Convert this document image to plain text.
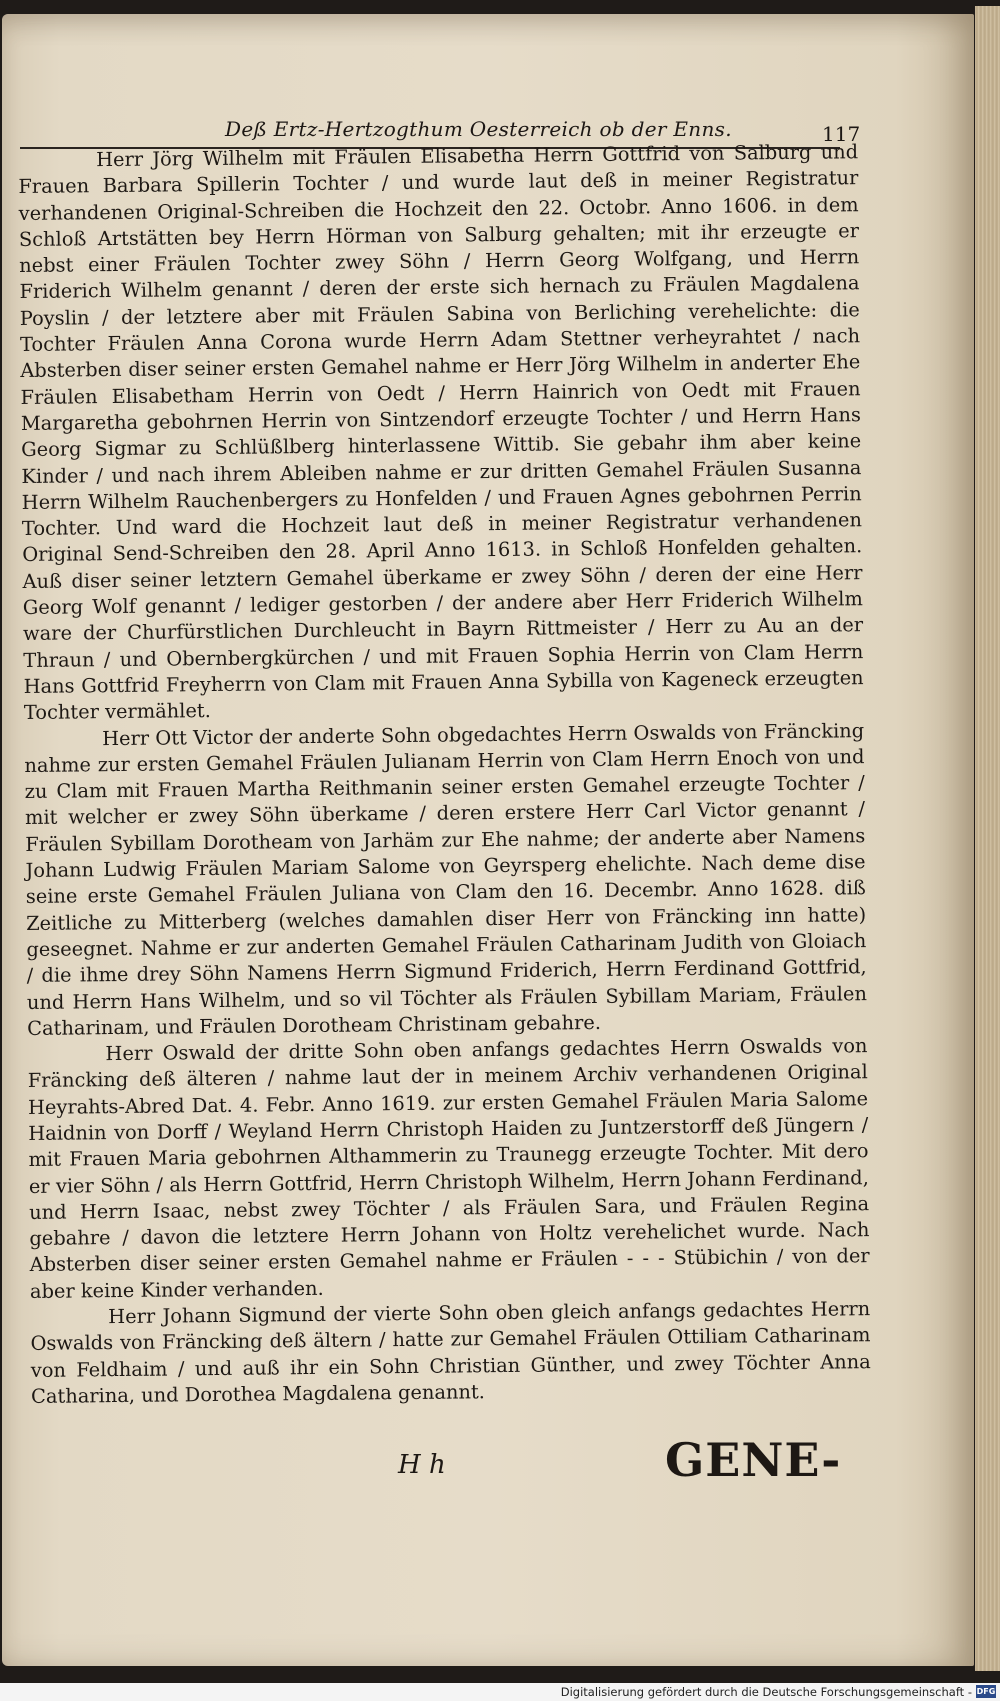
Deß Ertz-Hertzogthum Oesterreich ob der Enns.	117

Herr Jörg Wilhelm mit Fräulen Elisabetha Herrn Gottfrid von Salburg und Frauen Barbara Spillerin Tochter / und wurde laut deß in meiner Registratur verhandenen Original-Schreiben die Hochzeit den 22. Octobr. Anno 1606. in dem Schloß Artstätten bey Herrn Hörman von Salburg gehalten; mit ihr erzeugte er nebst einer Fräulen Tochter zwey Söhn / Herrn Georg Wolfgang, und Herrn Friderich Wilhelm genannt / deren der erste sich hernach zu Fräulen Magdalena Poyslin / der letztere aber mit Fräulen Sabina von Berliching verehelichte: die Tochter Fräulen Anna Corona wurde Herrn Adam Stettner verheyrahtet / nach Absterben diser seiner ersten Gemahel nahme er Herr Jörg Wilhelm in anderter Ehe Fräulen Elisabetham Herrin von Oedt / Herrn Hainrich von Oedt mit Frauen Margaretha gebohrnen Herrin von Sintzendorf erzeugte Tochter / und Herrn Hans Georg Sigmar zu Schlüßlberg hinterlassene Wittib. Sie gebahr ihm aber keine Kinder / und nach ihrem Ableiben nahme er zur dritten Gemahel Fräulen Susanna Herrn Wilhelm Rauchenbergers zu Honfelden / und Frauen Agnes gebohrnen Perrin Tochter. Und ward die Hochzeit laut deß in meiner Registratur verhandenen Original Send-Schreiben den 28. April Anno 1613. in Schloß Honfelden gehalten. Auß diser seiner letztern Gemahel überkame er zwey Söhn / deren der eine Herr Georg Wolf genannt / lediger gestorben / der andere aber Herr Friderich Wilhelm ware der Churfürstlichen Durchleucht in Bayrn Rittmeister / Herr zu Au an der Thraun / und Obernbergkürchen / und mit Frauen Sophia Herrin von Clam Herrn Hans Gottfrid Freyherrn von Clam mit Frauen Anna Sybilla von Kageneck erzeugten Tochter vermählet.

Herr Ott Victor der anderte Sohn obgedachtes Herrn Oswalds von Fräncking nahme zur ersten Gemahel Fräulen Julianam Herrin von Clam Herrn Enoch von und zu Clam mit Frauen Martha Reithmanin seiner ersten Gemahel erzeugte Tochter / mit welcher er zwey Söhn überkame / deren erstere Herr Carl Victor genannt / Fräulen Sybillam Dorotheam von Jarhäm zur Ehe nahme; der anderte aber Namens Johann Ludwig Fräulen Mariam Salome von Geyrsperg ehelichte. Nach deme dise seine erste Gemahel Fräulen Juliana von Clam den 16. Decembr. Anno 1628. diß Zeitliche zu Mitterberg (welches damahlen diser Herr von Fräncking inn hatte) geseegnet. Nahme er zur anderten Gemahel Fräulen Catharinam Judith von Gloiach / die ihme drey Söhn Namens Herrn Sigmund Friderich, Herrn Ferdinand Gottfrid, und Herrn Hans Wilhelm, und so vil Töchter als Fräulen Sybillam Mariam, Fräulen Catharinam, und Fräulen Dorotheam Christinam gebahre.

Herr Oswald der dritte Sohn oben anfangs gedachtes Herrn Oswalds von Fräncking deß älteren / nahme laut der in meinem Archiv verhandenen Original Heyrahts-Abred Dat. 4. Febr. Anno 1619. zur ersten Gemahel Fräulen Maria Salome Haidnin von Dorff / Weyland Herrn Christoph Haiden zu Juntzerstorff deß Jüngern / mit Frauen Maria gebohrnen Althammerin zu Traunegg erzeugte Tochter. Mit dero er vier Söhn / als Herrn Gottfrid, Herrn Christoph Wilhelm, Herrn Johann Ferdinand, und Herrn Isaac, nebst zwey Töchter / als Fräulen Sara, und Fräulen Regina gebahre / davon die letztere Herrn Johann von Holtz verehelichet wurde. Nach Absterben diser seiner ersten Gemahel nahme er Fräulen - - - Stübichin / von der aber keine Kinder verhanden.

Herr Johann Sigmund der vierte Sohn oben gleich anfangs gedachtes Herrn Oswalds von Fräncking deß ältern / hatte zur Gemahel Fräulen Ottiliam Catharinam von Feldhaim / und auß ihr ein Sohn Christian Günther, und zwey Töchter Anna Catharina, und Dorothea Magdalena genannt.

H h	GENE-
Digitalisierung gefördert durch die Deutsche Forschungsgemeinschaft - DFG
